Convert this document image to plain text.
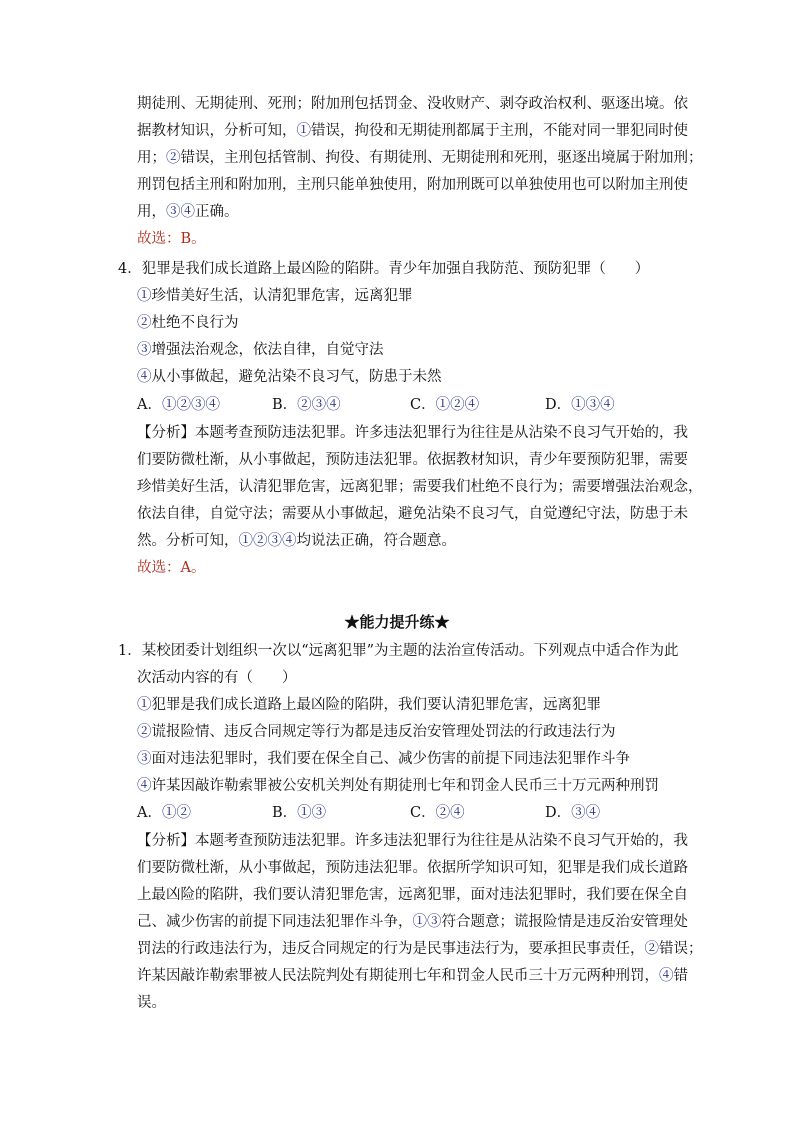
期徒刑、无期徒刑、死刑；附加刑包括罚金、没收财产、剥夺政治权利、驱逐出境。依
据教材知识，分析可知，①错误，拘役和无期徒刑都属于主刑，不能对同一罪犯同时使
用；②错误，主刑包括管制、拘役、有期徒刑、无期徒刑和死刑，驱逐出境属于附加刑；
刑罚包括主刑和附加刑，主刑只能单独使用，附加刑既可以单独使用也可以附加主刑使
用，③④正确。
故选：B。
4．犯罪是我们成长道路上最凶险的陷阱。青少年加强自我防范、预防犯罪（　　）
①珍惜美好生活，认清犯罪危害，远离犯罪
②杜绝不良行为
③增强法治观念，依法自律，自觉守法
④从小事做起，避免沾染不良习气，防患于未然
A．①②③④	B．②③④	C．①②④	D．①③④
【分析】本题考查预防违法犯罪。许多违法犯罪行为往往是从沾染不良习气开始的，我
们要防微杜渐，从小事做起，预防违法犯罪。依据教材知识，青少年要预防犯罪，需要
珍惜美好生活，认清犯罪危害，远离犯罪；需要我们杜绝不良行为；需要增强法治观念，
依法自律，自觉守法；需要从小事做起，避免沾染不良习气，自觉遵纪守法，防患于未
然。分析可知，①②③④均说法正确，符合题意。
故选：A。
★能力提升练★
1．某校团委计划组织一次以“远离犯罪”为主题的法治宣传活动。下列观点中适合作为此
次活动内容的有（　　）
①犯罪是我们成长道路上最凶险的陷阱，我们要认清犯罪危害，远离犯罪
②谎报险情、违反合同规定等行为都是违反治安管理处罚法的行政违法行为
③面对违法犯罪时，我们要在保全自己、减少伤害的前提下同违法犯罪作斗争
④许某因敲诈勒索罪被公安机关判处有期徒刑七年和罚金人民币三十万元两种刑罚
A．①②	B．①③	C．②④	D．③④
【分析】本题考查预防违法犯罪。许多违法犯罪行为往往是从沾染不良习气开始的，我
们要防微杜渐，从小事做起，预防违法犯罪。依据所学知识可知，犯罪是我们成长道路
上最凶险的陷阱，我们要认清犯罪危害，远离犯罪，面对违法犯罪时，我们要在保全自
己、减少伤害的前提下同违法犯罪作斗争，①③符合题意；谎报险情是违反治安管理处
罚法的行政违法行为，违反合同规定的行为是民事违法行为，要承担民事责任，②错误；
许某因敲诈勒索罪被人民法院判处有期徒刑七年和罚金人民币三十万元两种刑罚，④错
误。
